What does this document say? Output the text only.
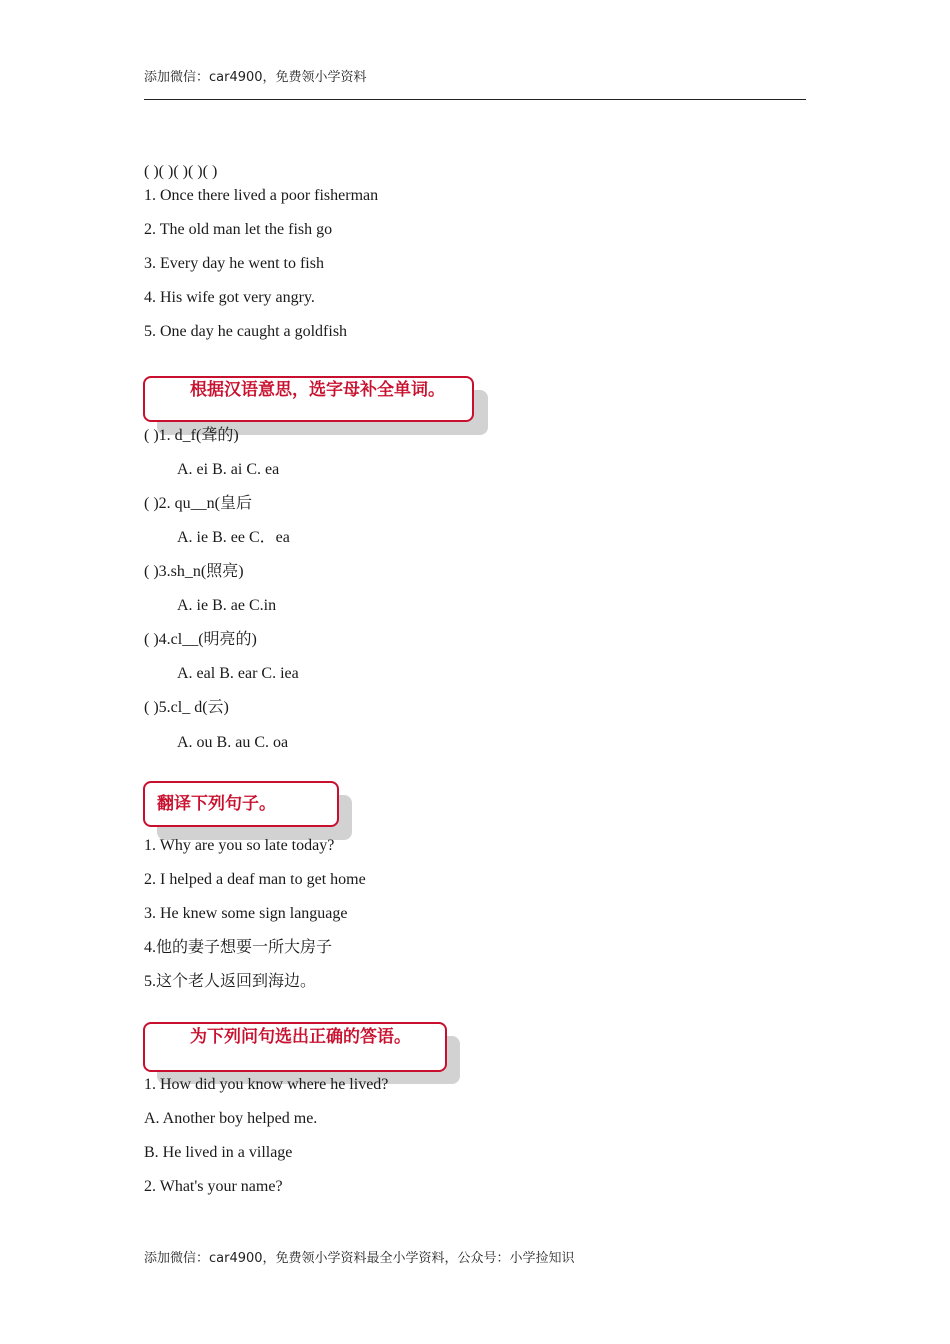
添加微信：car4900，免费领小学资料
( )( )( )( )( )
1. Once there lived a poor fisherman
2. The old man let the fish go
3. Every day he went to fish
4. His wife got very angry.
5. One day he caught a goldfish
根据汉语意思，选字母补全单词。
( )1. d_f(聋的)
A. ei B. ai C. ea
( )2. qu__n(皇后
A. ie B. ee C．ea
( )3.sh_n(照亮)
A. ie B. ae C.in
( )4.cl__(明亮的)
A. eal B. ear C. iea
( )5.cl_ d(云)
A. ou B. au C. oa
翻译下列句子。
1. Why are you so late today?
2. I helped a deaf man to get home
3. He knew some sign language
4.他的妻子想要一所大房子
5.这个老人返回到海边。
为下列问句选出正确的答语。
1. How did you know where he lived?
A. Another boy helped me.
B. He lived in a village
2. What's your name?
添加微信：car4900，免费领小学资料最全小学资料，公众号：小学捡知识
